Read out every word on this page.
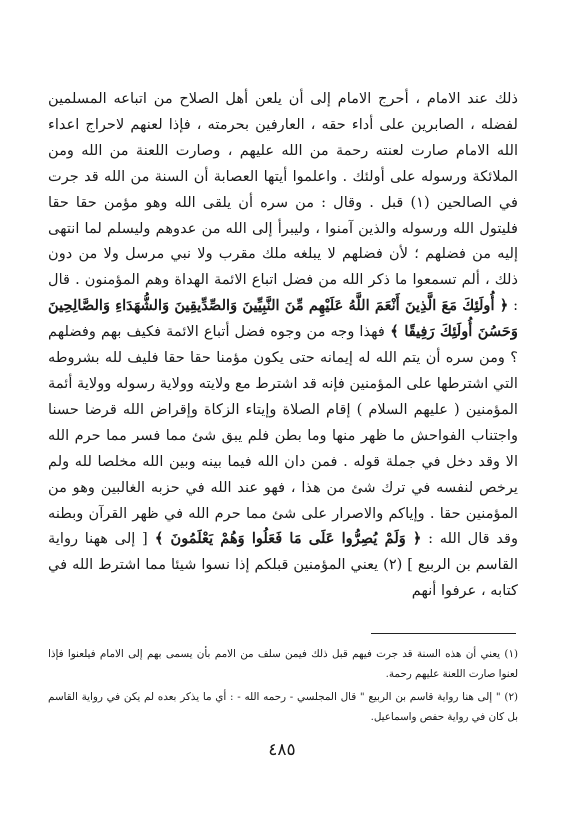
ذلك عند الامام ، أحرج الامام إلى أن يلعن أهل الصلاح من اتباعه المسلمين لفضله ، الصابرين على أداء حقه ، العارفين بحرمته ، فإذا لعنهم لاحراج اعداء الله الامام صارت لعنته رحمة من الله عليهم ، وصارت اللعنة من الله ومن الملائكة ورسوله على أولئك . واعلموا أيتها العصابة أن السنة من الله قد جرت في الصالحين (١) قبل . وقال : من سره أن يلقى الله وهو مؤمن حقا حقا فليتول الله ورسوله والذين آمنوا ، وليبرأ إلى الله من عدوهم وليسلم لما انتهى إليه من فضلهم ؛ لأن فضلهم لا يبلغه ملك مقرب ولا نبي مرسل ولا من دون ذلك ، ألم تسمعوا ما ذكر الله من فضل اتباع الائمة الهداة وهم المؤمنون . قال : ﴿ أُولَئِكَ مَعَ الَّذِينَ أَنْعَمَ اللَّهُ عَلَيْهِم مِّنَ النَّبِيِّينَ وَالصِّدِّيقِينَ وَالشُّهَدَاءِ وَالصَّالِحِينَ وَحَسُنَ أُولَئِكَ رَفِيقًا ﴾ فهذا وجه من وجوه فضل أتباع الائمة فكيف بهم وفضلهم ؟ ومن سره أن يتم الله له إيمانه حتى يكون مؤمنا حقا حقا فليف لله بشروطه التي اشترطها على المؤمنين فإنه قد اشترط مع ولايته وولاية رسوله وولاية أئمة المؤمنين ( عليهم السلام ) إقام الصلاة وإيتاء الزكاة وإقراض الله قرضا حسنا واجتناب الفواحش ما ظهر منها وما بطن فلم يبق شئ مما فسر مما حرم الله الا وقد دخل في جملة قوله . فمن دان الله فيما بينه وبين الله مخلصا لله ولم يرخص لنفسه في ترك شئ من هذا ، فهو عند الله في حزبه الغالبين وهو من المؤمنين حقا . وإياكم والاصرار على شئ مما حرم الله في ظهر القرآن وبطنه وقد قال الله : ﴿ وَلَمْ يُصِرُّوا عَلَى مَا فَعَلُوا وَهُمْ يَعْلَمُونَ ﴾ [ إلى ههنا رواية القاسم بن الربيع ] (٢) يعني المؤمنين قبلكم إذا نسوا شيئا مما اشترط الله في كتابه ، عرفوا أنهم

(١) يعني أن هذه السنة قد جرت فيهم قبل ذلك فيمن سلف من الامم بأن يسمى بهم إلى الامام فيلعنوا فإذا لعنوا صارت اللعنة عليهم رحمة.

(٢) " إلى هنا رواية قاسم بن الربيع " قال المجلسي - رحمه الله - : أي ما يذكر بعده لم يكن في رواية القاسم بل كان في رواية حفص واسماعيل.

٤٨٥
